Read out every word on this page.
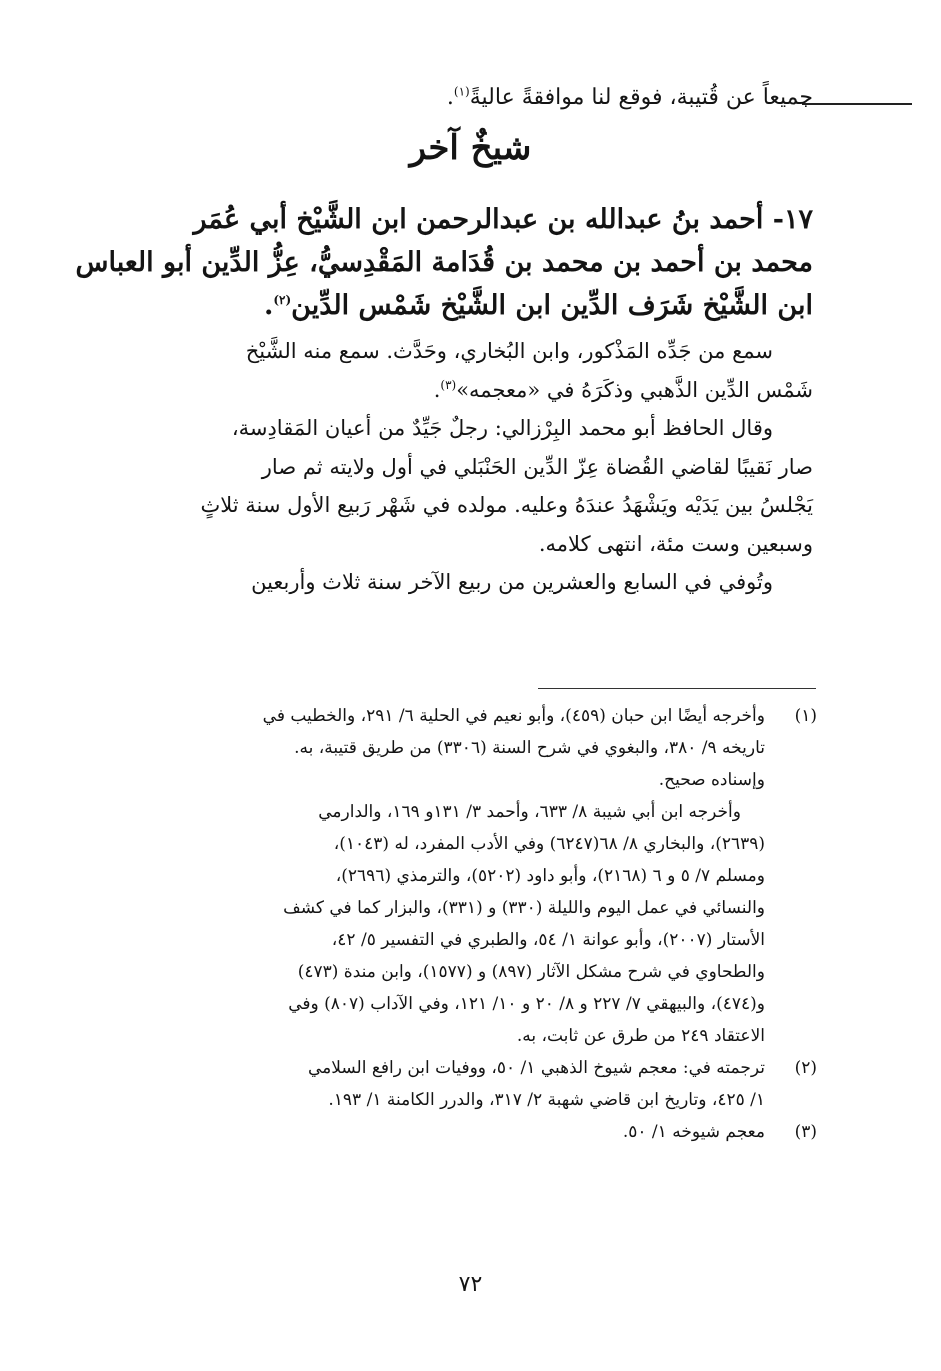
جميعاً عن قُتيبة، فوقع لنا موافقةً عاليةً$^{(١)}$.
شيخٌ آخر
١٧- أحمد بنُ عبدالله بن عبدالرحمن ابن الشَّيْخ أبي عُمَر
محمد بن أحمد بن محمد بن قُدَامة المَقْدِسيُّ، عِزُّ الدِّين أبو العباس
ابن الشَّيْخ شَرَف الدِّين ابن الشَّيْخ شَمْس الدِّين$^{(٢)}$.

سمع من جَدِّه المَذْكور، وابن البُخاري، وحَدَّث. سمع منه الشَّيْخ
شَمْس الدِّين الذَّهبي وذكَرَهُ في «معجمه»$^{(٣)}$.

وقال الحافظ أبو محمد البِرْزالي: رجلٌ جَيِّدٌ من أعيان المَقادِسة،
صار نَقيبًا لقاضي القُضاة عِزّ الدِّين الحَنْبَلي في أول ولايته ثم صار
يَجْلسُ بين يَدَيْه ويَشْهَدُ عندَهُ وعليه. مولده في شَهْر رَبيع الأول سنة ثلاثٍ
وسبعين وست مئة، انتهى كلامه.

وتُوفي في السابع والعشرين من ربيع الآخر سنة ثلاث وأربعين

(١)
وأخرجه أيضًا ابن حبان (٤٥٩)، وأبو نعيم في الحلية ٦/ ٢٩١، والخطيب في
تاريخه ٩/ ٣٨٠، والبغوي في شرح السنة (٣٣٠٦) من طريق قتيبة، به.
وإسناده صحيح.
وأخرجه ابن أبي شيبة ٨/ ٦٣٣، وأحمد ٣/ ١٣١و ١٦٩، والدارمي
(٢٦٣٩)، والبخاري ٨/ ٦٨(٦٢٤٧) وفي الأدب المفرد، له (١٠٤٣)،
ومسلم ٧/ ٥ و ٦ (٢١٦٨)، وأبو داود (٥٢٠٢)، والترمذي (٢٦٩٦)،
والنسائي في عمل اليوم والليلة (٣٣٠) و (٣٣١)، والبزار كما في كشف
الأستار (٢٠٠٧)، وأبو عوانة ١/ ٥٤، والطبري في التفسير ٥/ ٤٢،
والطحاوي في شرح مشكل الآثار (٨٩٧) و (١٥٧٧)، وابن مندة (٤٧٣)
و(٤٧٤)، والبيهقي ٧/ ٢٢٧ و ٨/ ٢٠ و ١٠/ ١٢١، وفي الآداب (٨٠٧) وفي
الاعتقاد ٢٤٩ من طرق عن ثابت، به.
(٢)
ترجمته في: معجم شيوخ الذهبي ١/ ٥٠، ووفيات ابن رافع السلامي
١/ ٤٢٥، وتاريخ ابن قاضي شهبة ٢/ ٣١٧، والدرر الكامنة ١/ ١٩٣.
(٣)
معجم شيوخه ١/ ٥٠.
٧٢
